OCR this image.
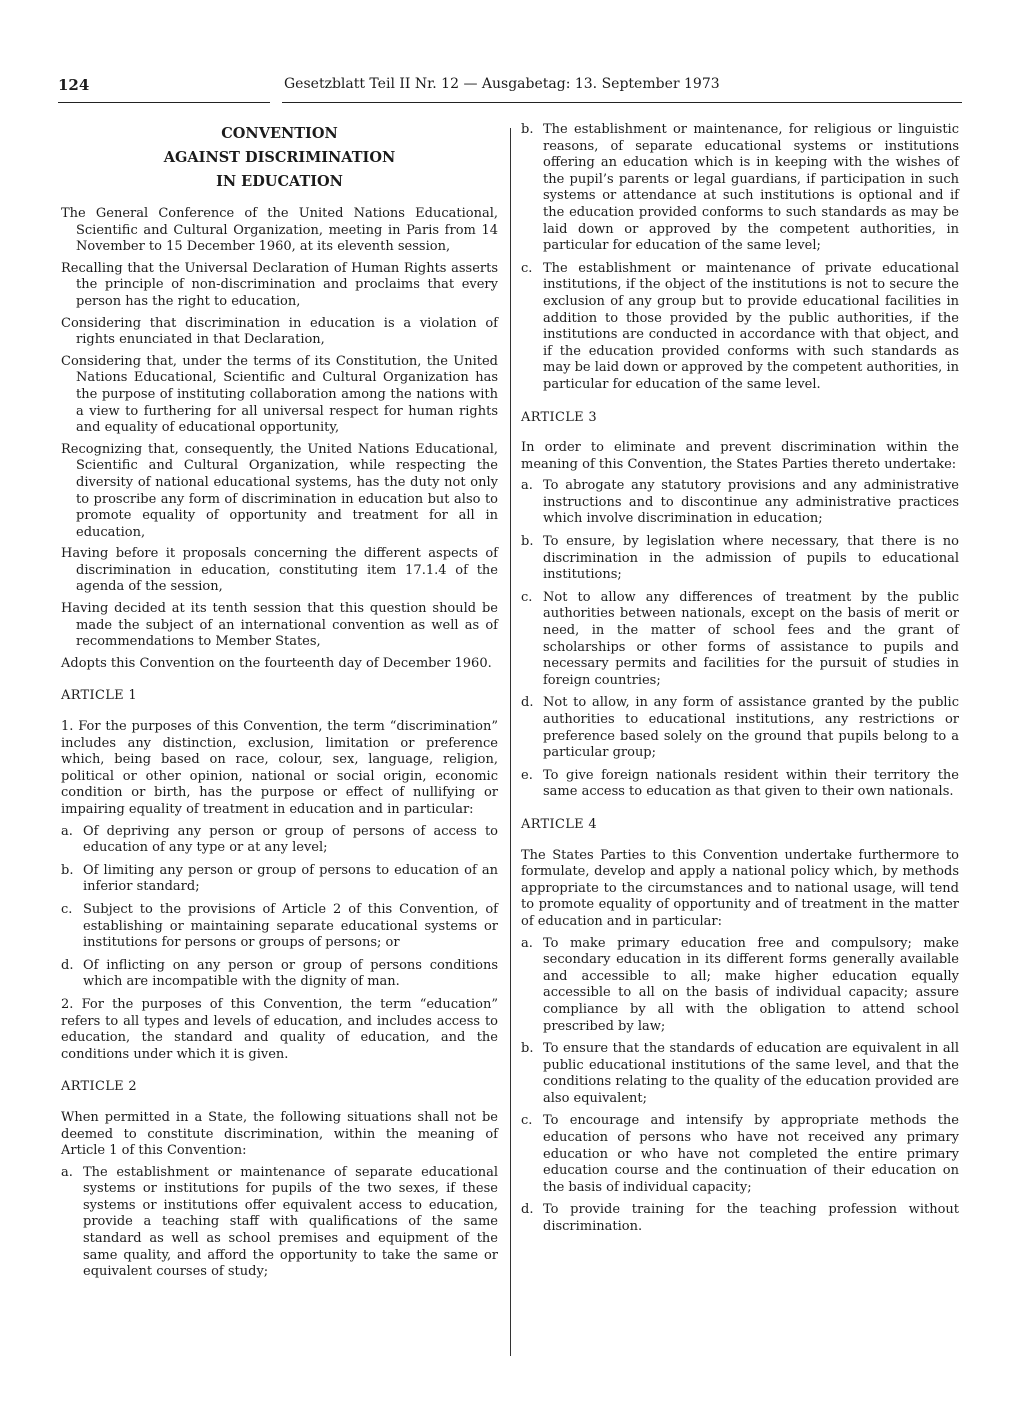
124	Gesetzblatt Teil II Nr. 12 — Ausgabetag: 13. September 1973
CONVENTION
AGAINST DISCRIMINATION
IN EDUCATION

The General Conference of the United Nations Educational, Scientific and Cultural Organization, meeting in Paris from 14 November to 15 December 1960, at its eleventh session,

Recalling that the Universal Declaration of Human Rights asserts the principle of non-discrimination and proclaims that every person has the right to education,

Considering that discrimination in education is a violation of rights enunciated in that Declaration,

Considering that, under the terms of its Constitution, the United Nations Educational, Scientific and Cultural Organization has the purpose of instituting collaboration among the nations with a view to furthering for all universal respect for human rights and equality of educational opportunity,

Recognizing that, consequently, the United Nations Educational, Scientific and Cultural Organization, while respecting the diversity of national educational systems, has the duty not only to proscribe any form of discrimination in education but also to promote equality of opportunity and treatment for all in education,

Having before it proposals concerning the different aspects of discrimination in education, constituting item 17.1.4 of the agenda of the session,

Having decided at its tenth session that this question should be made the subject of an international convention as well as of recommendations to Member States,

Adopts this Convention on the fourteenth day of December 1960.

ARTICLE 1

1. For the purposes of this Convention, the term “discrimination” includes any distinction, exclusion, limitation or preference which, being based on race, colour, sex, language, religion, political or other opinion, national or social origin, economic condition or birth, has the purpose or effect of nullifying or impairing equality of treatment in education and in particular:

a. Of depriving any person or group of persons of access to education of any type or at any level;
b. Of limiting any person or group of persons to education of an inferior standard;
c. Subject to the provisions of Article 2 of this Convention, of establishing or maintaining separate educational systems or institutions for persons or groups of persons; or
d. Of inflicting on any person or group of persons conditions which are incompatible with the dignity of man.

2. For the purposes of this Convention, the term “education” refers to all types and levels of education, and includes access to education, the standard and quality of education, and the conditions under which it is given.

ARTICLE 2

When permitted in a State, the following situations shall not be deemed to constitute discrimination, within the meaning of Article 1 of this Convention:

a. The establishment or maintenance of separate educational systems or institutions for pupils of the two sexes, if these systems or institutions offer equivalent access to education, provide a teaching staff with qualifications of the same standard as well as school premises and equipment of the same quality, and afford the opportunity to take the same or equivalent courses of study;
b. The establishment or maintenance, for religious or linguistic reasons, of separate educational systems or institutions offering an education which is in keeping with the wishes of the pupil’s parents or legal guardians, if participation in such systems or attendance at such institutions is optional and if the education provided conforms to such standards as may be laid down or approved by the competent authorities, in particular for education of the same level;
c. The establishment or maintenance of private educational institutions, if the object of the institutions is not to secure the exclusion of any group but to provide educational facilities in addition to those provided by the public authorities, if the institutions are conducted in accordance with that object, and if the education provided conforms with such standards as may be laid down or approved by the competent authorities, in particular for education of the same level.
ARTICLE 3

In order to eliminate and prevent discrimination within the meaning of this Convention, the States Parties thereto undertake:

a. To abrogate any statutory provisions and any administrative instructions and to discontinue any administrative practices which involve discrimination in education;
b. To ensure, by legislation where necessary, that there is no discrimination in the admission of pupils to educational institutions;
c. Not to allow any differences of treatment by the public authorities between nationals, except on the basis of merit or need, in the matter of school fees and the grant of scholarships or other forms of assistance to pupils and necessary permits and facilities for the pursuit of studies in foreign countries;
d. Not to allow, in any form of assistance granted by the public authorities to educational institutions, any restrictions or preference based solely on the ground that pupils belong to a particular group;
e. To give foreign nationals resident within their territory the same access to education as that given to their own nationals.
ARTICLE 4

The States Parties to this Convention undertake furthermore to formulate, develop and apply a national policy which, by methods appropriate to the circumstances and to national usage, will tend to promote equality of opportunity and of treatment in the matter of education and in particular:

a. To make primary education free and compulsory; make secondary education in its different forms generally available and accessible to all; make higher education equally accessible to all on the basis of individual capacity; assure compliance by all with the obligation to attend school prescribed by law;
b. To ensure that the standards of education are equivalent in all public educational institutions of the same level, and that the conditions relating to the quality of the education provided are also equivalent;
c. To encourage and intensify by appropriate methods the education of persons who have not received any primary education or who have not completed the entire primary education course and the continuation of their education on the basis of individual capacity;
d. To provide training for the teaching profession without discrimination.
